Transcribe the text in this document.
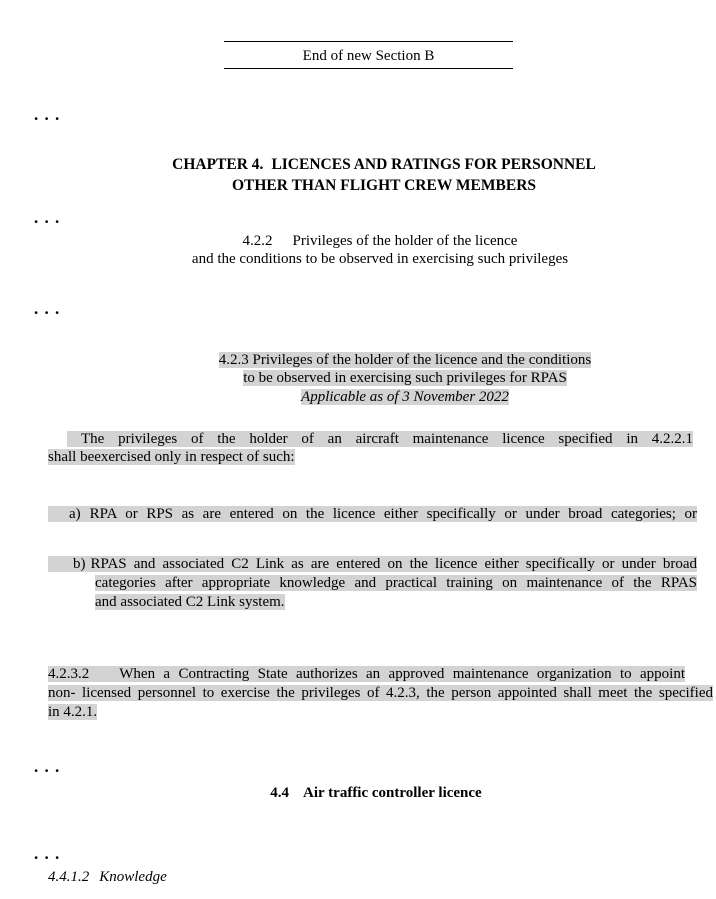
End of new Section B
. . .
CHAPTER 4. LICENCES AND RATINGS FOR PERSONNEL
OTHER THAN FLIGHT CREW MEMBERS
. . .
4.2.2 Privileges of the holder of the licence
and the conditions to be observed in exercising such privileges
. . .
4.2.3 Privileges of the holder of the licence and the conditions
to be observed in exercising such privileges for RPAS
Applicable as of 3 November 2022
The privileges of the holder of an aircraft maintenance licence specified in 4.2.2.1
shall beexercised only in respect of such:
a) RPA or RPS as are entered on the licence either specifically or under broad categories; or
b) RPAS and associated C2 Link as are entered on the licence either specifically or under broad
categories after appropriate knowledge and practical training on maintenance of the RPAS
and associated C2 Link system.
4.2.3.2 When a Contracting State authorizes an approved maintenance organization to appoint
non- licensed personnel to exercise the privileges of 4.2.3, the person appointed shall meet the specified
in 4.2.1.
. . .
4.4 Air traffic controller licence
. . .
4.4.1.2 Knowledge
